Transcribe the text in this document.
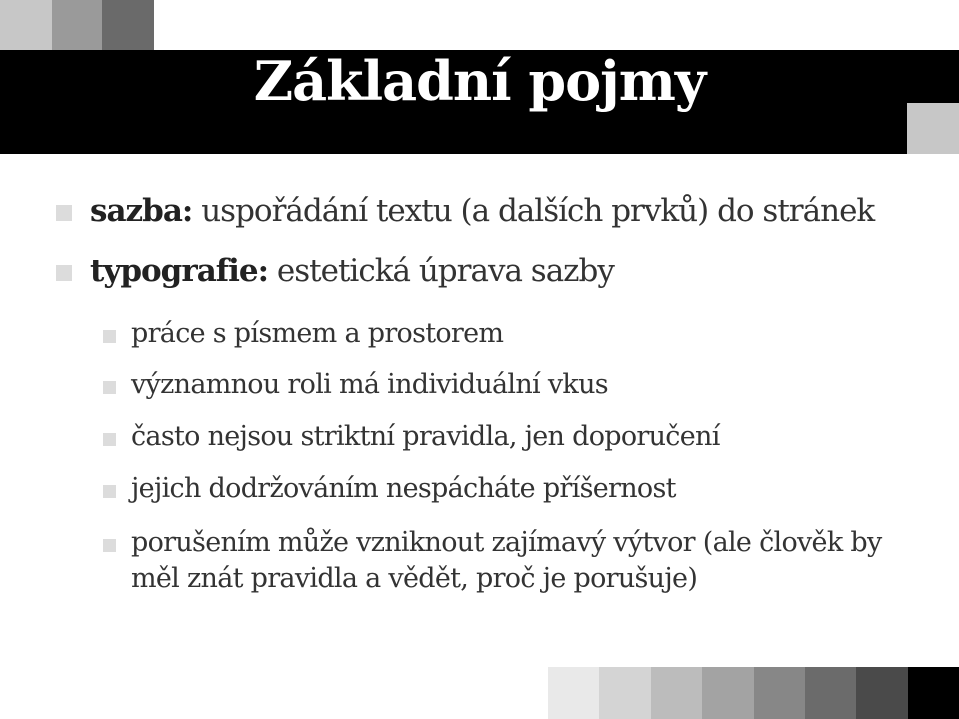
Základní pojmy
sazba: uspořádání textu (a dalších prvků) do stránek
typografie: estetická úprava sazby
práce s písmem a prostorem
významnou roli má individuální vkus
často nejsou striktní pravidla, jen doporučení
jejich dodržováním nespácháte příšernost
porušením může vzniknout zajímavý výtvor (ale člověk by měl znát pravidla a vědět, proč je porušuje)
